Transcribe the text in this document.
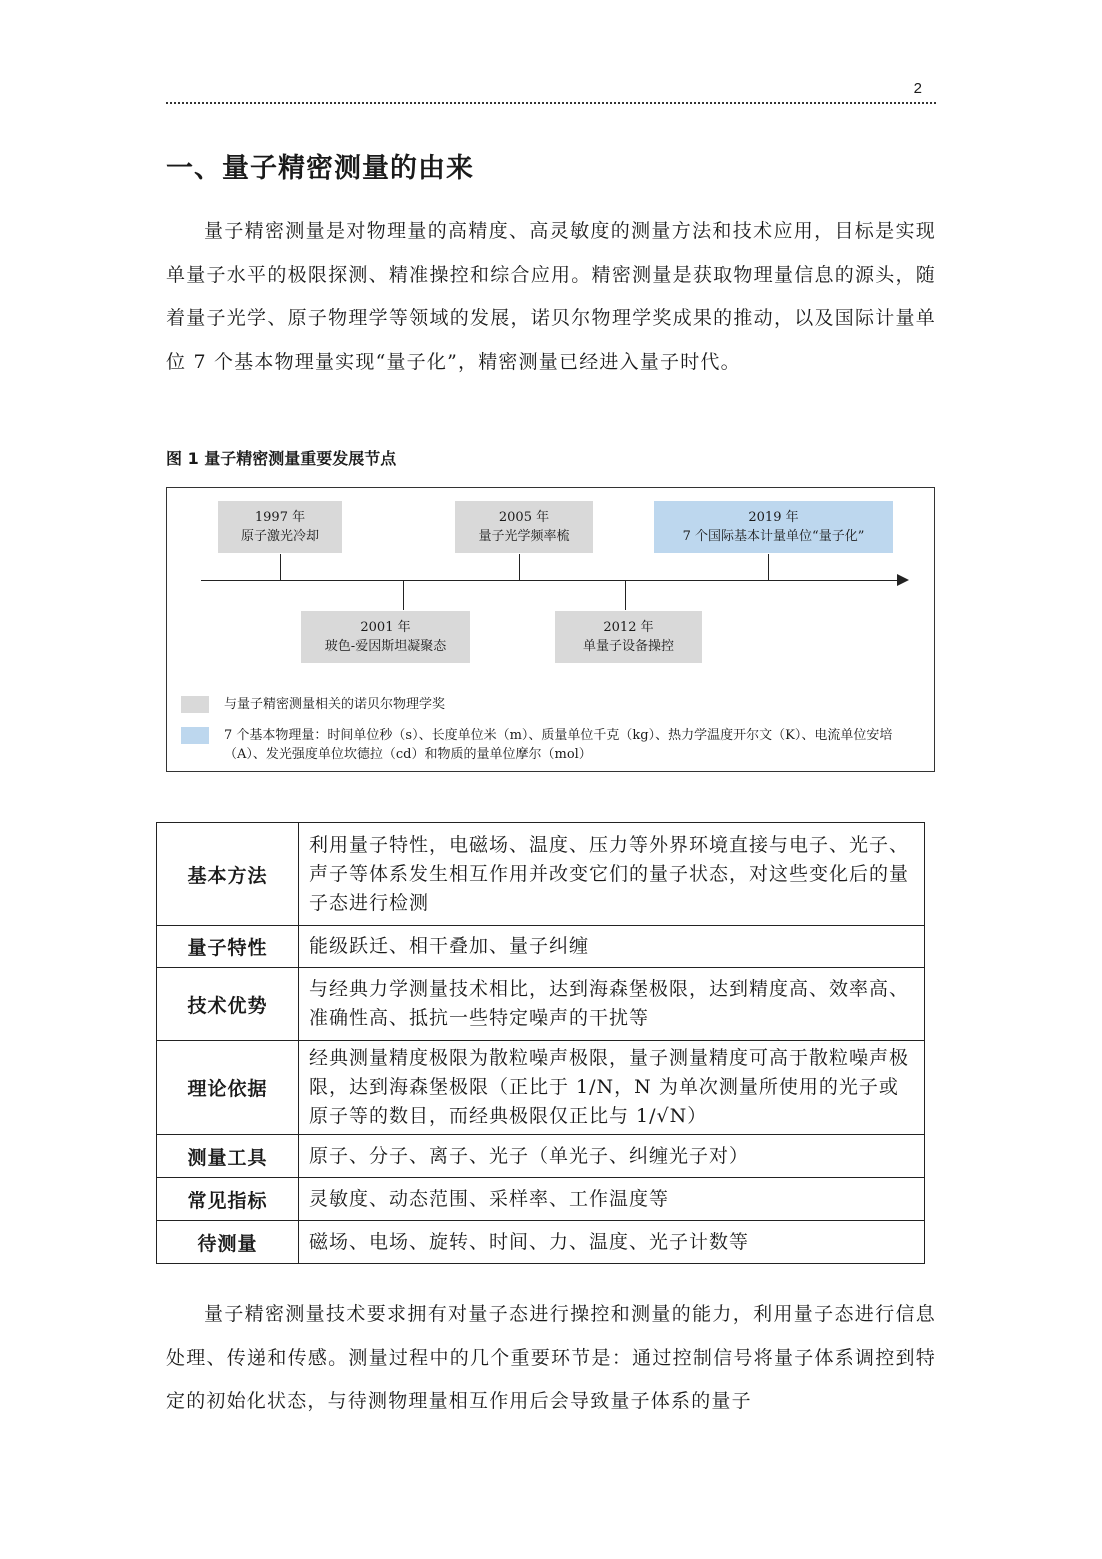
2
一、量子精密测量的由来

量子精密测量是对物理量的高精度、高灵敏度的测量方法和技术应用，目标是实现单量子水平的极限探测、精准操控和综合应用。精密测量是获取物理量信息的源头，随着量子光学、原子物理学等领域的发展，诺贝尔物理学奖成果的推动，以及国际计量单位 7 个基本物理量实现“量子化”，精密测量已经进入量子时代。

图 1 量子精密测量重要发展节点
1997 年
原子激光冷却
2001 年
玻色-爱因斯坦凝聚态
2005 年
量子光学频率梳
2012 年
单量子设备操控
2019 年
7 个国际基本计量单位“量子化”
与量子精密测量相关的诺贝尔物理学奖
7 个基本物理量：时间单位秒（s）、长度单位米（m）、质量单位千克（kg）、热力学温度开尔文（K）、电流单位安培（A）、发光强度单位坎德拉（cd）和物质的量单位摩尔（mol）
基本方法	利用量子特性，电磁场、温度、压力等外界环境直接与电子、光子、声子等体系发生相互作用并改变它们的量子状态，对这些变化后的量子态进行检测
量子特性	能级跃迁、相干叠加、量子纠缠
技术优势	与经典力学测量技术相比，达到海森堡极限，达到精度高、效率高、准确性高、抵抗一些特定噪声的干扰等
理论依据	经典测量精度极限为散粒噪声极限，量子测量精度可高于散粒噪声极限，达到海森堡极限（正比于 1/N，N 为单次测量所使用的光子或原子等的数目，而经典极限仅正比与 1/√N）
测量工具	原子、分子、离子、光子（单光子、纠缠光子对）
常见指标	灵敏度、动态范围、采样率、工作温度等
待测量	磁场、电场、旋转、时间、力、温度、光子计数等

量子精密测量技术要求拥有对量子态进行操控和测量的能力，利用量子态进行信息处理、传递和传感。测量过程中的几个重要环节是：通过控制信号将量子体系调控到特定的初始化状态，与待测物理量相互作用后会导致量子体系的量子
